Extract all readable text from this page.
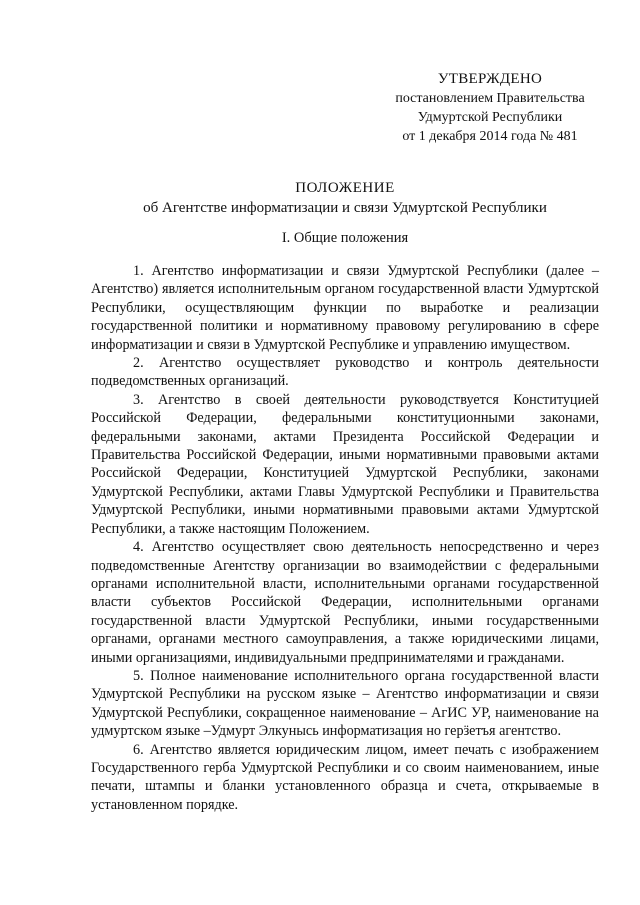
УТВЕРЖДЕНО
постановлением Правительства
Удмуртской Республики
от 1 декабря 2014 года № 481
ПОЛОЖЕНИЕ
об Агентстве информатизации и связи Удмуртской Республики
I. Общие положения

1. Агентство информатизации и связи Удмуртской Республики (далее – Агентство) является исполнительным органом государственной власти Удмуртской Республики, осуществляющим функции по выработке и реализации государственной политики и нормативному правовому регулированию в сфере информатизации и связи в Удмуртской Республике и управлению имуществом.

2. Агентство осуществляет руководство и контроль деятельности подведомственных организаций.

3. Агентство в своей деятельности руководствуется Конституцией Российской Федерации, федеральными конституционными законами, федеральными законами, актами Президента Российской Федерации и Правительства Российской Федерации, иными нормативными правовыми актами Российской Федерации, Конституцией Удмуртской Республики, законами Удмуртской Республики, актами Главы Удмуртской Республики и Правительства Удмуртской Республики, иными нормативными правовыми актами Удмуртской Республики, а также настоящим Положением.

4. Агентство осуществляет свою деятельность непосредственно и через подведомственные Агентству организации во взаимодействии с федеральными органами исполнительной власти, исполнительными органами государственной власти субъектов Российской Федерации, исполнительными органами государственной власти Удмуртской Республики, иными государственными органами, органами местного самоуправления, а также юридическими лицами, иными организациями, индивидуальными предпринимателями и гражданами.

5. Полное наименование исполнительного органа государственной власти Удмуртской Республики на русском языке – Агентство информатизации и связи Удмуртской Республики, сокращенное наименование – АгИС УР, наименование на удмуртском языке –Удмурт Элкунысь информатизация но герӟетъя агентство.

6. Агентство является юридическим лицом, имеет печать с изображением Государственного герба Удмуртской Республики и со своим наименованием, иные печати, штампы и бланки установленного образца и счета, открываемые в установленном порядке.
